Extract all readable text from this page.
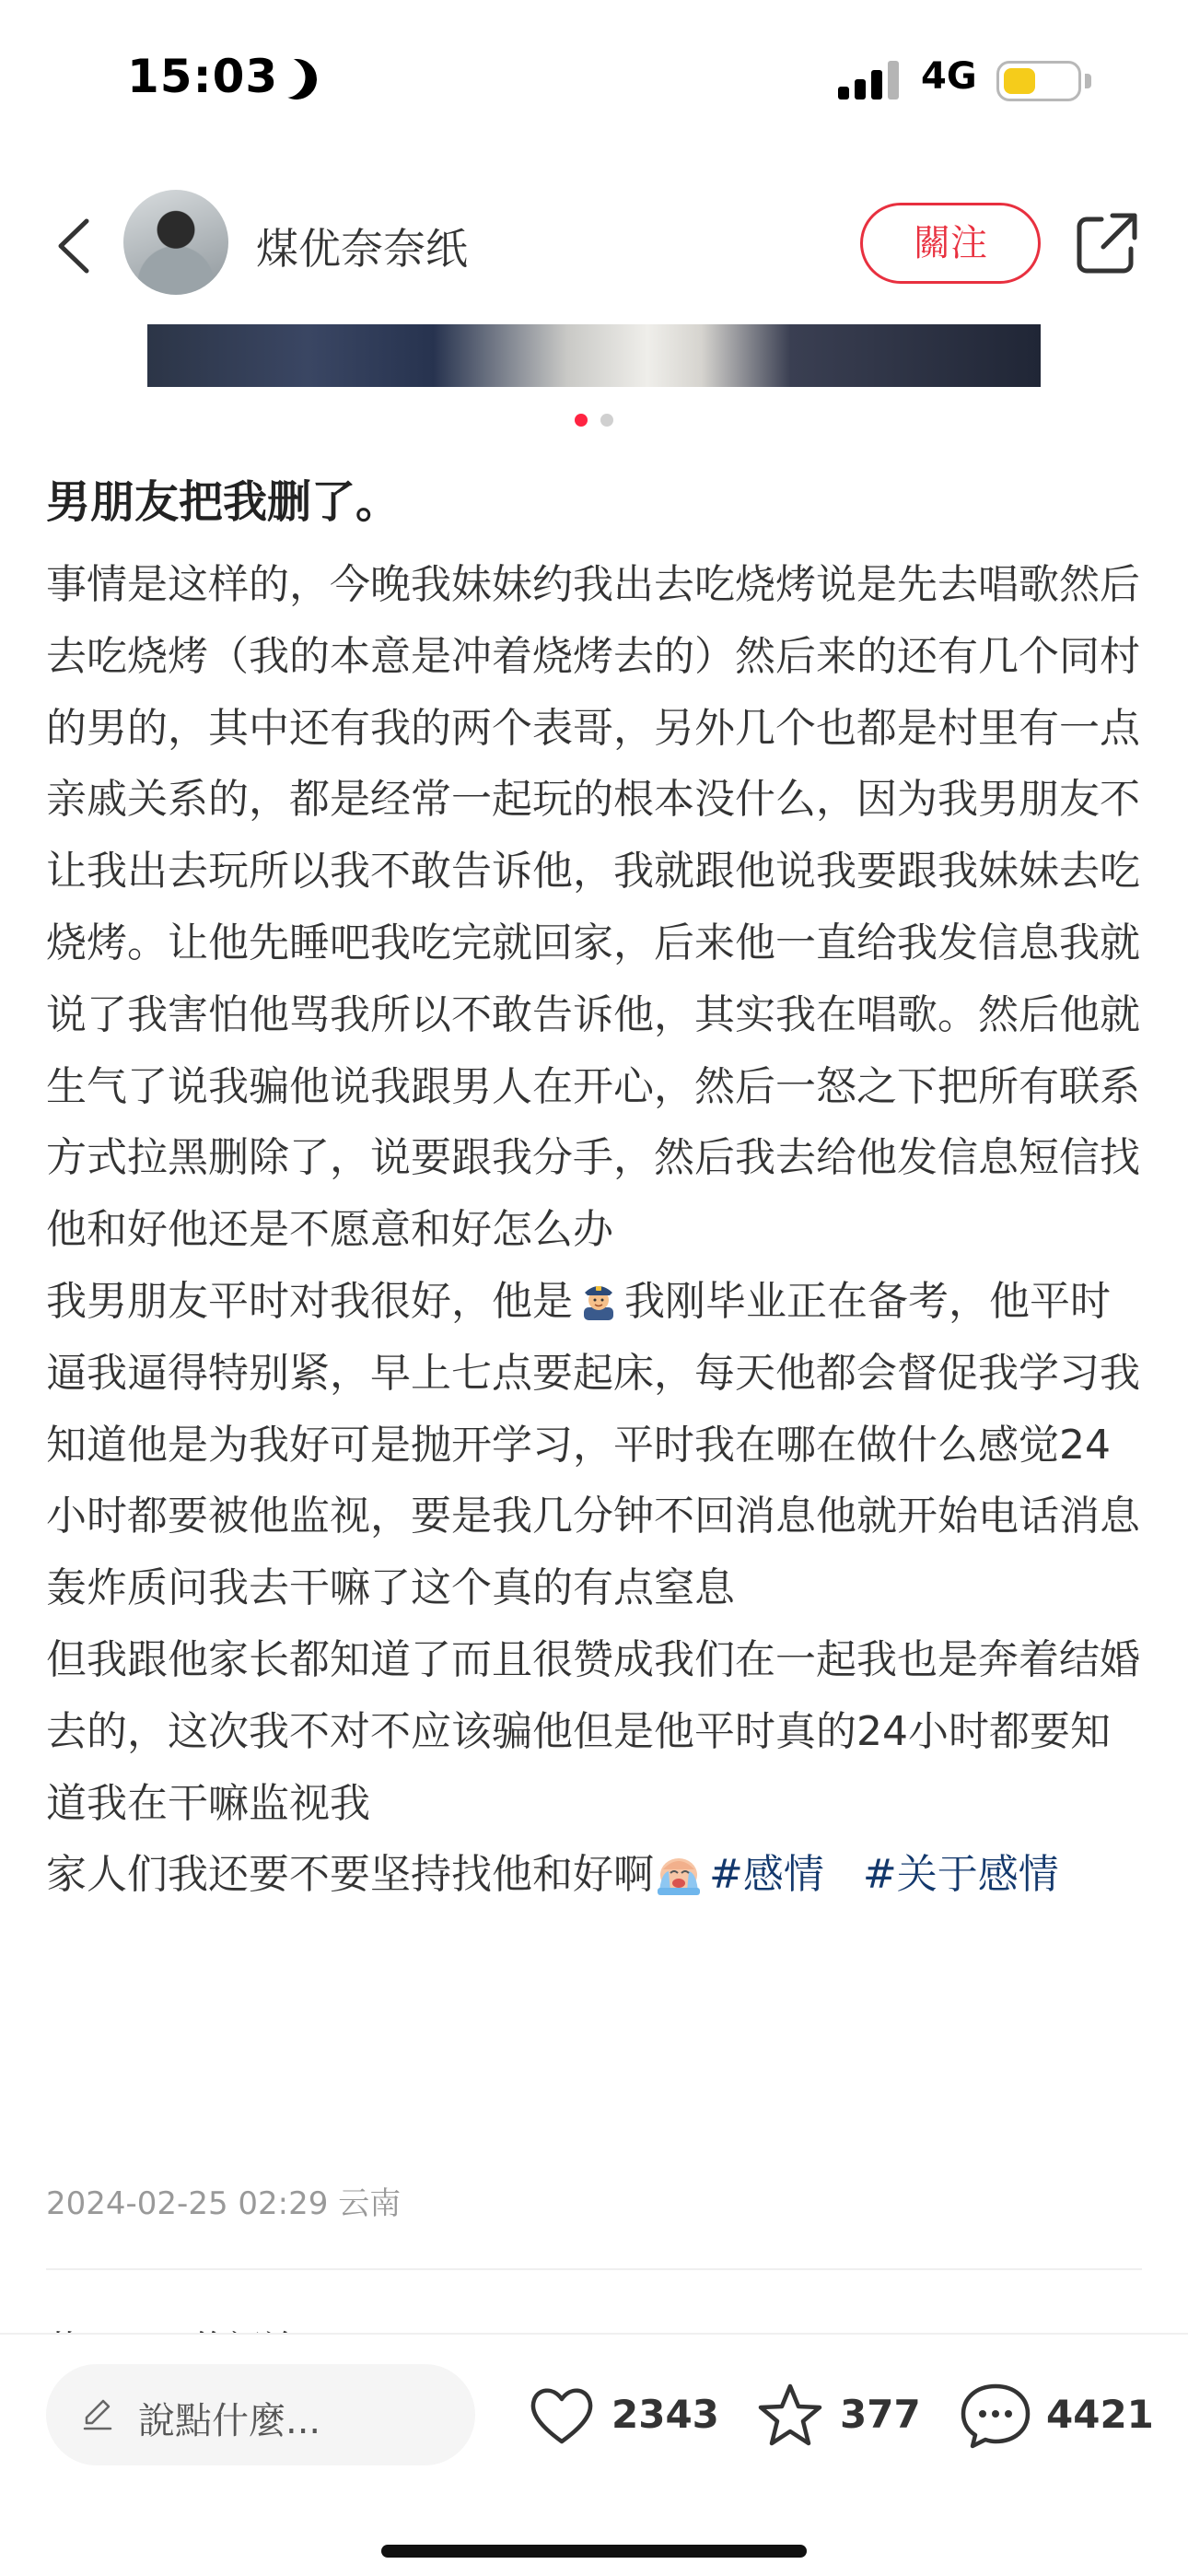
15:03	4G
煤优奈奈纸	關注

男朋友把我删了。

事情是这样的，今晚我妹妹约我出去吃烧烤说是先去唱歌然后去吃烧烤（我的本意是冲着烧烤去的）然后来的还有几个同村的男的，其中还有我的两个表哥，另外几个也都是村里有一点亲戚关系的，都是经常一起玩的根本没什么，因为我男朋友不让我出去玩所以我不敢告诉他，我就跟他说我要跟我妹妹去吃烧烤。让他先睡吧我吃完就回家，后来他一直给我发信息我就说了我害怕他骂我所以不敢告诉他，其实我在唱歌。然后他就生气了说我骗他说我跟男人在开心，然后一怒之下把所有联系方式拉黑删除了，说要跟我分手，然后我去给他发信息短信找他和好他还是不愿意和好怎么办

我男朋友平时对我很好，他是 我刚毕业正在备考，他平时逼我逼得特别紧，早上七点要起床，每天他都会督促我学习我知道他是为我好可是抛开学习，平时我在哪在做什么感觉24小时都要被他监视，要是我几分钟不回消息他就开始电话消息轰炸质问我去干嘛了这个真的有点窒息

但我跟他家长都知道了而且很赞成我们在一起我也是奔着结婚去的，这次我不对不应该骗他但是他平时真的24小时都要知道我在干嘛监视我

家人们我还要不要坚持找他和好啊 #感情 #关于感情

2024-02-25 02:29 云南
說點什麼...	2343	377	4421
